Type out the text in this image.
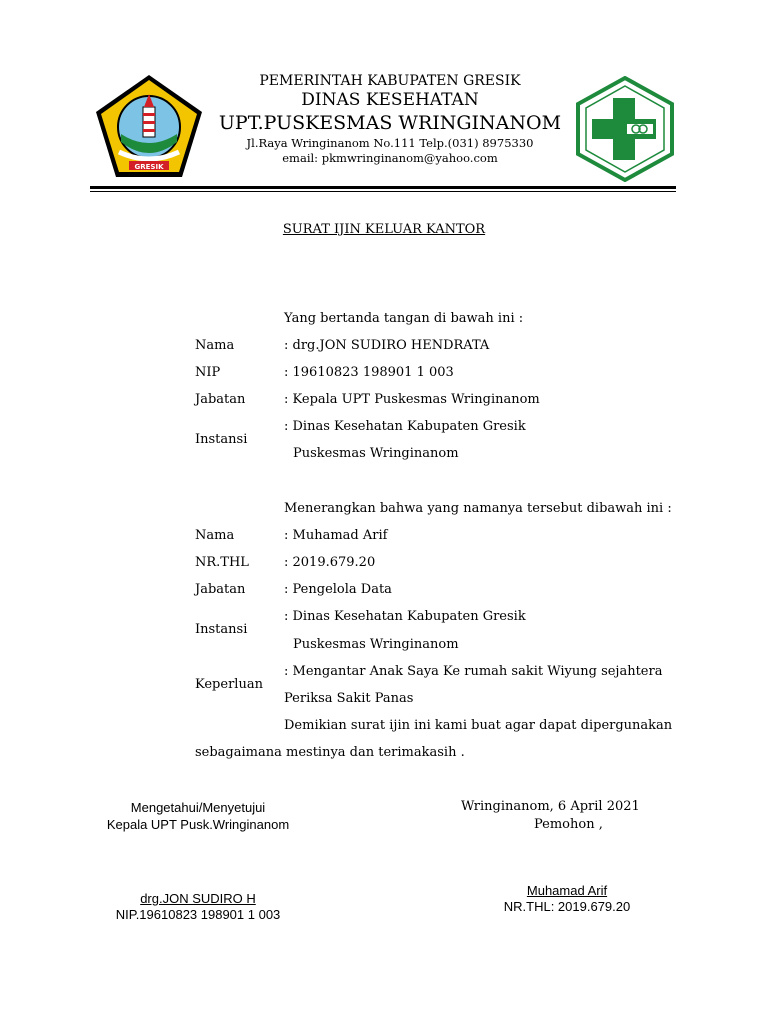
GRESIK
PEMERINTAH KABUPATEN GRESIK
DINAS KESEHATAN
UPT.PUSKESMAS WRINGINANOM
Jl.Raya Wringinanom No.111 Telp.(031) 8975330
email: pkmwringinanom@yahoo.com
SURAT IJIN KELUAR KANTOR
Yang bertanda tangan di bawah ini :
Nama	: drg.JON SUDIRO HENDRATA
NIP	: 19610823 198901 1 003
Jabatan	: Kepala UPT Puskesmas Wringinanom
Instansi
: Dinas Kesehatan Kabupaten Gresik
Puskesmas Wringinanom
Menerangkan bahwa yang namanya tersebut dibawah ini :
Nama	: Muhamad Arif
NR.THL	: 2019.679.20
Jabatan	: Pengelola Data
Instansi
: Dinas Kesehatan Kabupaten Gresik
Puskesmas Wringinanom
Keperluan
: Mengantar Anak Saya Ke rumah sakit Wiyung sejahtera
Periksa Sakit Panas
Demikian surat ijin ini kami buat agar dapat dipergunakan
sebagaimana mestinya dan terimakasih .
Mengetahui/Menyetujui
Kepala UPT Pusk.Wringinanom
drg.JON SUDIRO H
NIP.19610823 198901 1 003
Wringinanom, 6 April 2021
Pemohon ,
Muhamad Arif
NR.THL: 2019.679.20
